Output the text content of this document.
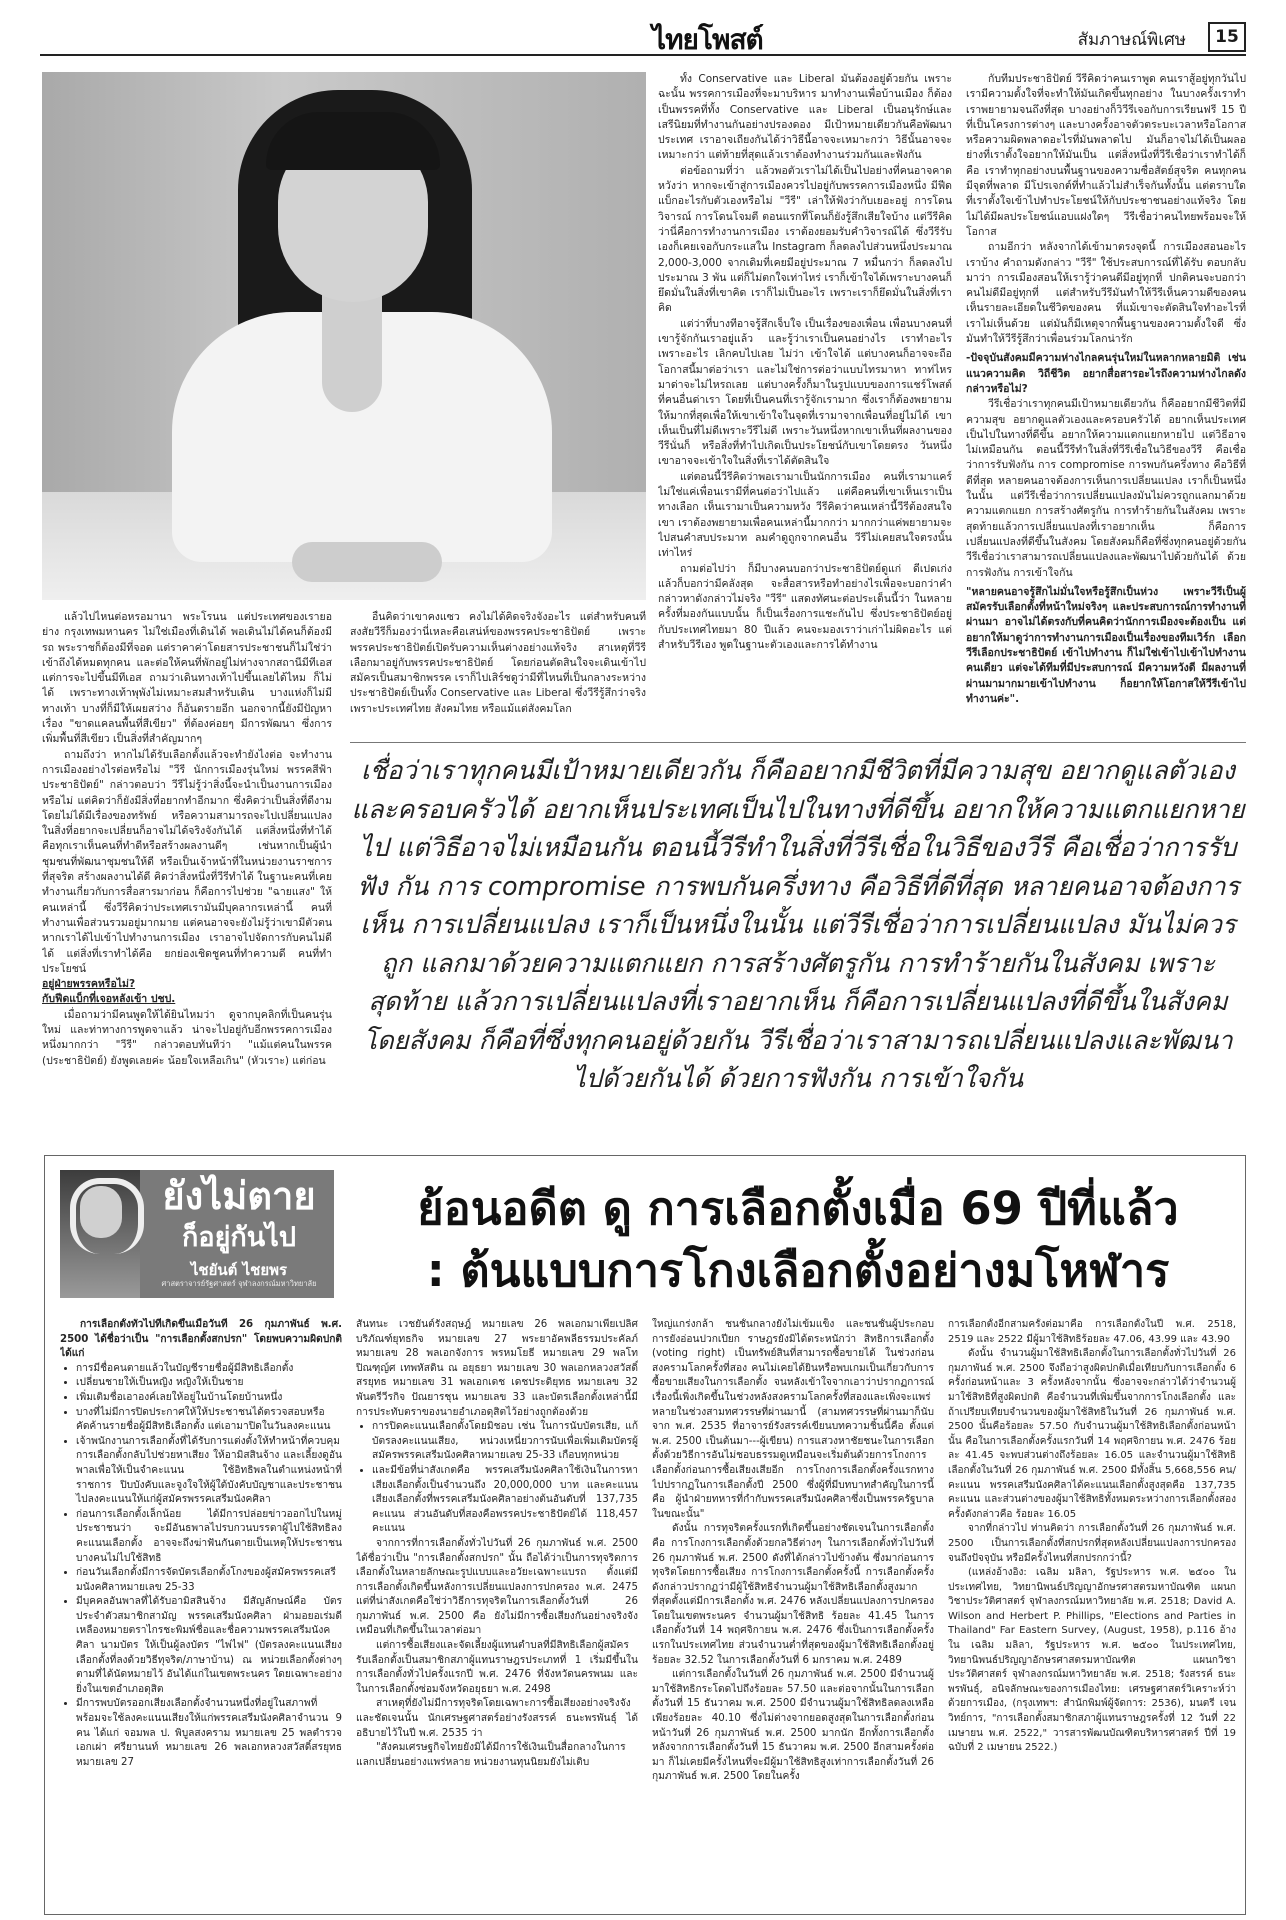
ไทยโพสต์	สัมภาษณ์พิเศษ	15

แล้วไปไหนต่อหรอมานา พระโรนน แต่ประเทศของเรายอย่าง กรุงเทพมหานคร ไม่ใช่เมืองที่เดินได้ พอเดินไม่ได้คนก็ต้องมีรถ พระราชก็ต้องมีที่จอด แต่ราคาค่าโดยสารประชาชนก็ไม่ใช่ว่าเข้าถึงได้หมดทุกคน และต่อให้คนที่พักอยู่ไม่ห่างจากสถานีมีทีเอส แต่การจะไปขึ้นมีทีเอส ถามว่าเดินทางเท้าไปขึ้นเลยได้ไหม ก็ไม่ได้ เพราะทางเท้าพุพังไม่เหมาะสมสำหรับเดิน บางแห่งก็ไม่มีทางเท้า บางที่ก็มีให้เผยสว่าง ก็อันตรายอีก นอกจากนี้ยังมีปัญหาเรื่อง "ขาดแคลนพื้นที่สีเขียว" ที่ต้องค่อยๆ มีการพัฒนา ซึ่งการเพิ่มพื้นที่สีเขียว เป็นสิ่งที่สำคัญมากๆ

ถามถึงว่า หากไม่ได้รับเลือกตั้งแล้วจะทำยังไงต่อ จะทำงานการเมืองอย่างไรต่อหรือไม่ "วีรี นักการเมืองรุ่นใหม่ พรรคสีฟ้าประชาธิปัตย์" กล่าวตอบว่า วีรีไม่รู้ว่าสิ่งนี้จะนำเป็นงานการเมืองหรือไม่ แต่คิดว่าก็ยังมีสิ่งที่อยากทำอีกมาก ซึ่งคิดว่าเป็นสิ่งที่ดีงาม โดยไม่ได้มีเรื่องของทรัพย์ หรือความสามารถจะไปเปลี่ยนแปลงในสิ่งที่อยากจะเปลี่ยนก็อาจไม่ได้จริงจังกันได้ แต่สิ่งหนึ่งที่ทำได้คือทุกเราเห็นคนที่ทำดีหรือสร้างผลงานดีๆ เช่นหากเป็นผู้นำชุมชนที่พัฒนาชุมชนให้ดี หรือเป็นเจ้าหน้าที่ในหน่วยงานราชการที่สุจริต สร้างผลงานได้ดี คิดว่าสิ่งหนึ่งที่วีรีทำได้ ในฐานะคนที่เคยทำงานเกี่ยวกับการสื่อสารมาก่อน ก็คือการไปช่วย "ฉายแสง" ให้คนเหล่านี้ ซึ่งวีรีคิดว่าประเทศเรามันมีบุคลากรเหล่านี้ คนที่ทำงานเพื่อส่วนรวมอยู่มากมาย แต่คนอาจจะยังไม่รู้ว่าเขามีตัวตน หากเราได้ไปเข้าไปทำงานการเมือง เราอาจไปจัดการกับคนไม่ดีได้ แต่สิ่งที่เราทำได้คือ ยกย่องเชิดชูคนที่ทำความดี คนที่ทำประโยชน์

อยู่ฝ่ายพรรคหรือไม่?

กับฟีดแบ็กที่เจอหลังเข้า ปชป.

เมื่อถามว่ามีคนพูดให้ได้ยินไหมว่า ดูจากบุคลิกที่เป็นคนรุ่นใหม่ และท่าทางการพูดจาแล้ว น่าจะไปอยู่กับอีกพรรคการเมืองหนึ่งมากกว่า "วีรี" กล่าวตอบทันทีว่า "แม้แต่คนในพรรค (ประชาธิปัตย์) ยังพูดเลยค่ะ น้อยใจเหลือเกิน" (หัวเราะ) แต่ก่อน

อื่นคิดว่าเขาคงแซว คงไม่ได้คิดจริงจังอะไร แต่สำหรับคนที่สงสัยวีรีก็มองว่านี่เหละคือเสน่ห์ของพรรคประชาธิปัตย์ เพราะพรรคประชาธิปัตย์เปิดรับความเห็นต่างอย่างแท้จริง สาเหตุที่วีรีเลือกมาอยู่กับพรรคประชาธิปัตย์ โดยก่อนตัดสินใจจะเดินเข้าไปสมัครเป็นสมาชิกพรรค เราก็ไปเสิร์ชดูว่ามีที่ไหนที่เป็นกลางระหว่างประชาธิปัตย์เป็นทั้ง Conservative และ Liberal ซึ่งวีรีรู้สึกว่าจริง เพราะประเทศไทย สังคมไทย หรือแม้แต่สังคมโลก

ทั้ง Conservative และ Liberal มันต้องอยู่ด้วยกัน เพราะฉะนั้น พรรคการเมืองที่จะมาบริหาร มาทำงานเพื่อบ้านเมือง ก็ต้องเป็นพรรคที่ทั้ง Conservative และ Liberal เป็นอนุรักษ์และเสรีนิยมที่ทำงานกันอย่างปรองดอง มีเป้าหมายเดียวกันคือพัฒนาประเทศ เราอาจเถียงกันได้ว่าวิธีนี้อาจจะเหมาะกว่า วิธีนั้นอาจจะเหมาะกว่า แต่ท้ายที่สุดแล้วเราต้องทำงานร่วมกันและฟังกัน

ต่อข้อถามที่ว่า แล้วพอตัวเราไม่ได้เป็นไปอย่างที่คนอาจคาดหวังว่า หากจะเข้าสู่การเมืองควรไปอยู่กับพรรคการเมืองหนึ่ง มีฟีดแบ็กอะไรกับตัวเองหรือไม่ "วีรี" เล่าให้ฟังว่ากับเยอะอยู่ การโดนวิจารณ์ การโดนโจมตี ตอนแรกที่โดนก็ยังรู้สึกเสียใจบ้าง แต่วีรีคิดว่านี่คือการทำงานการเมือง เราต้องยอมรับคำวิจารณ์ได้ ซึ่งวีรีรับเองก็เคยเจอกับกระแสใน Instagram ก็ลดลงไปส่วนหนึ่งประมาณ 2,000-3,000 จากเดิมที่เคยมีอยู่ประมาณ 7 หมื่นกว่า ก็ลดลงไปประมาณ 3 พัน แต่ก็ไม่ตกใจเท่าไหร่ เราก็เข้าใจได้เพราะบางคนก็ยึดมั่นในสิ่งที่เขาคิด เราก็ไม่เป็นอะไร เพราะเราก็ยึดมั่นในสิ่งที่เราคิด

แต่ว่าที่บางทีอาจรู้สึกเจ็บใจ เป็นเรื่องของเพื่อน เพื่อนบางคนที่เขารู้จักกันเราอยู่แล้ว และรู้ว่าเราเป็นคนอย่างไร เราทำอะไร เพราะอะไร เลิกคบไปเลย ไม่ว่า เข้าใจได้ แต่บางคนก็อาจจะถือโอกาสนี้มาต่อว่าเรา และไม่ใช่การต่อว่าแบบไทรมาหา ทาท่ไหร มาด่าจะไม่ไหรถเลย แต่บางครั้งก็มาในรูปแบบของการแชร์โพสต์ ที่คนอื่นด่าเรา โดยที่เป็นคนที่เรารู้จักเรามาก ซึ่งเราก็ต้องพยายามให้มากที่สุดเพื่อให้เขาเข้าใจในจุดที่เรามาจากเพื่อนที่อยู่ไม่ได้ เขาเห็นเป็นที่ไม่ดีเพราะวีรีไม่ดี เพราะวันหนึ่งหากเขาเห็นที่ผลงานของวีรีนั่นก็ หรือสิ่งที่ทำไปเกิดเป็นประโยชน์กับเขาโดยตรง วันหนึ่งเขาอาจจะเข้าใจในสิ่งที่เราได้ตัดสินใจ

แต่ตอนนี้วีรีคิดว่าพอเรามาเป็นนักการเมือง คนที่เรามาแคร์ไม่ใช่แค่เพื่อนเรามีที่คนต่อว่าไปแล้ว แต่คือคนที่เขาเห็นเราเป็นทางเลือก เห็นเรามาเป็นความหวัง วีรีคิดว่าคนเหล่านี้วีรีต้องสนใจเขา เราต้องพยายามเพื่อคนเหล่านี้มากกว่า มากกว่าแค่พยายามจะไปสนคำสบประมาท ลมคำดูถูกจากคนอื่น วีรีไม่เคยสนใจตรงนั้นเท่าไหร่

ถามต่อไปว่า ก็มีบางคนบอกว่าประชาธิปัตย์ดูแก่ ดีเปดเก่ง แล้วก็บอกว่ามีคลังสุด จะสื่อสารหรือทำอย่างไรเพื่อจะบอกว่าคำกล่าวหาดังกล่าวไม่จริง "วีรี" แสดงทัศนะต่อประเด็นนี้ว่า ในหลายครั้งที่มองกันแบบนั้น ก็เป็นเรื่องการแชะกันไป ซึ่งประชาธิปัตย์อยู่กับประเทศไทยมา 80 ปีแล้ว คนจะมองเราว่าเก่าไม่ผิดอะไร แต่สำหรับวีรีเอง พูดในฐานะตัวเองและการได้ทำงาน

กับทีมประชาธิปัตย์ วีรีคิดว่าคนเราพูด คนเราสู้อยู่ทุกวันไป เรามีความตั้งใจที่จะทำให้มันเกิดขึ้นทุกอย่าง ในบางครั้งเราทำ เราพยายามจนถึงที่สุด บางอย่างก็วิวีรีเจอกับการเรียนฟรี 15 ปี ที่เป็นโครงการต่างๆ และบางครั้งอาจตัวตระบะเวลาหรือโอกาส หรือความผิดพลาดอะไรที่มันพลาดไป มันก็อาจไม่ได้เป็นผลอย่างที่เราตั้งใจอยากให้มันเป็น แต่สิ่งหนึ่งที่วีรีเชื่อว่าเราทำได้ก็คือ เราทำทุกอย่างบนพื้นฐานของความซื่อสัตย์สุจริต คนทุกคนมีจุดที่พลาด มีโปรเจกต์ที่ทำแล้วไม่สำเร็จกันทั้งนั้น แต่ตราบใดที่เราตั้งใจเข้าไปทำประโยชน์ให้กับประชาชนอย่างแท้จริง โดยไม่ได้มีผลประโยชน์แอบแฝงใดๆ วีรีเชื่อว่าคนไทยพร้อมจะให้โอกาส

ถามอีกว่า หลังจากได้เข้ามาตรงจุดนี้ การเมืองสอนอะไรเราบ้าง คำถามดังกล่าว "วีรี" ใช้ประสบการณ์ที่ได้รับ ตอบกลับมาว่า การเมืองสอนให้เรารู้ว่าคนดีมีอยู่ทุกที่ ปกติคนจะบอกว่าคนไม่ดีมีอยู่ทุกที่ แต่สำหรับวีรีมันทำให้วีรีเห็นความดีของคน เห็นรายละเอียดในชีวิตของคน ที่แม้เขาจะตัดสินใจทำอะไรที่เราไม่เห็นด้วย แต่มันก็มีเหตุจากพื้นฐานของความตั้งใจดี ซึ่งมันทำให้วีรีรู้สึกว่าเพื่อนร่วมโลกน่ารัก

-ปัจจุบันสังคมมีความห่างไกลคนรุ่นใหม่ในหลากหลายมิติ เช่น แนวความคิด วิถีชีวิต อยากสื่อสารอะไรถึงความห่างไกลดังกล่าวหรือไม่?

วีรีเชื่อว่าเราทุกคนมีเป้าหมายเดียวกัน ก็คืออยากมีชีวิตที่มีความสุข อยากดูแลตัวเองและครอบครัวได้ อยากเห็นประเทศเป็นไปในทางที่ดีขึ้น อยากให้ความแตกแยกหายไป แต่วิธีอาจไม่เหมือนกัน ตอนนี้วีรีทำในสิ่งที่วีรีเชื่อในวิธีของวีรี คือเชื่อว่าการรับฟังกัน การ compromise การพบกันครึ่งทาง คือวิธีที่ดีที่สุด หลายคนอาจต้องการเห็นการเปลี่ยนแปลง เราก็เป็นหนึ่งในนั้น แต่วีรีเชื่อว่าการเปลี่ยนแปลงมันไม่ควรถูกแลกมาด้วยความแตกแยก การสร้างศัตรูกัน การทำร้ายกันในสังคม เพราะสุดท้ายแล้วการเปลี่ยนแปลงที่เราอยากเห็น ก็คือการเปลี่ยนแปลงที่ดีขึ้นในสังคม โดยสังคมก็คือที่ซึ่งทุกคนอยู่ด้วยกัน วีรีเชื่อว่าเราสามารถเปลี่ยนแปลงและพัฒนาไปด้วยกันได้ ด้วยการฟังกัน การเข้าใจกัน

"หลายคนอาจรู้สึกไม่มั่นใจหรือรู้สึกเป็นห่วง เพราะวีรีเป็นผู้สมัครรับเลือกตั้งที่หน้าใหม่จริงๆ และประสบการณ์การทำงานที่ผ่านมา อาจไม่ได้ตรงกับที่คนคิดว่านักการเมืองจะต้องเป็น แต่อยากให้มาดูว่าการทำงานการเมืองเป็นเรื่องของทีมเวิร์ก เลือกวีรีเลือกประชาธิปัตย์ เข้าไปทำงาน ก็ไม่ใช่เข้าไปเข้าไปทำงานคนเดียว แต่จะได้ทีมที่มีประสบการณ์ มีความหวังดี มีผลงานที่ผ่านมามากมายเข้าไปทำงาน ก็อยากให้โอกาสให้วีรีเข้าไปทำงานค่ะ".

เชื่อว่าเราทุกคนมีเป้าหมายเดียวกัน ก็คืออยากมีชีวิตที่มีความสุข อยากดูแลตัวเอง และครอบครัวได้ อยากเห็นประเทศเป็นไปในทางที่ดีขึ้น อยากให้ความแตกแยกหาย ไป แต่วิธีอาจไม่เหมือนกัน ตอนนี้วีรีทำในสิ่งที่วีรีเชื่อในวิธีของวีรี คือเชื่อว่าการรับฟัง กัน การ compromise การพบกันครึ่งทาง คือวิธีที่ดีที่สุด หลายคนอาจต้องการเห็น การเปลี่ยนแปลง เราก็เป็นหนึ่งในนั้น แต่วีรีเชื่อว่าการเปลี่ยนแปลง มันไม่ควรถูก แลกมาด้วยความแตกแยก การสร้างศัตรูกัน การทำร้ายกันในสังคม เพราะสุดท้าย แล้วการเปลี่ยนแปลงที่เราอยากเห็น ก็คือการเปลี่ยนแปลงที่ดีขึ้นในสังคม โดยสังคม ก็คือที่ซึ่งทุกคนอยู่ด้วยกัน วีรีเชื่อว่าเราสามารถเปลี่ยนแปลงและพัฒนาไปด้วยกันได้ ด้วยการฟังกัน การเข้าใจกัน
ยังไม่ตาย
ก็อยู่กันไป
ไชยันต์ ไชยพร
ศาสตราจารย์รัฐศาสตร์ จุฬาลงกรณ์มหาวิทยาลัย
ย้อนอดีต ดู การเลือกตั้งเมื่อ 69 ปีที่แล้ว
: ต้นแบบการโกงเลือกตั้งอย่างมโหฬาร

การเลือกตั้งทั่วไปที่เกิดขึ้นเมื่อวันที่ 26 กุมภาพันธ์ พ.ศ. 2500 ได้ชื่อว่าเป็น "การเลือกตั้งสกปรก" โดยพบความผิดปกติ ได้แก่

• การมีชื่อคนตายแล้วในบัญชีรายชื่อผู้มีสิทธิเลือกตั้ง
• เปลี่ยนชายให้เป็นหญิง หญิงให้เป็นชาย
• เพิ่มเติมชื่อเอาองค์เลยให้อยู่ในบ้านโดยบ้านหนึ่ง
• บางที่ไม่มีการปิดประกาศให้ให้ประชาชนได้ตรวจสอบหรือคัดค้านรายชื่อผู้มีสิทธิเลือกตั้ง แต่เอามาปิดในวันลงคะแนน
• เจ้าพนักงานการเลือกตั้งที่ได้รับการแต่งตั้งให้ทำหน้าที่ควบคุมการเลือกตั้งกลับไปช่วยหาเสียง ให้อามิสสินจ้าง และเลี้ยงดูอันพาลเพื่อให้เป็นจำคะแนน ใช้อิทธิพลในตำแหน่งหน้าที่ราชการ ปิบบังคับและจูงใจให้ผู้ใต้บังคับบัญชาและประชาชนไปลงคะแนนให้แก่ผู้สมัครพรรคเสรีมนังคศิลา
• ก่อนการเลือกตั้งเล็กน้อย ได้มีการปล่อยข่าวออกไปในหมู่ประชาชนว่า จะมีอันธพาลไปรบกวนบรรดาผู้ไปใช้สิทธิลงคะแนนเลือกตั้ง อาจจะถึงฆ่าฟันกันตายเป็นเหตุให้ประชาชนบางคนไม่ไปใช้สิทธิ
• ก่อนวันเลือกตั้งมีการจัดบัตรเลือกตั้งโกงของผู้สมัครพรรคเสรีมนังคศิลาหมายเลข 25-33
• มีบุคคลอันพาลที่ได้รับอามิสสินจ้าง มีสัญลักษณ์คือ บัตรประจำตัวสมาชิกสามัญ พรรคเสรีมนังคศิลา ฝ่ามอยอเร่มดีเหลืองหมายตราไกรชะพิมพ์ชื่อและชื่อความพรรคเสรีมนังคศิลา นามบัตร ให้เป็นผู้ลงบัตร "ไพ่ไฟ" (บัตรลงคะแนนเสียงเลือกตั้งที่ลงด้วยวิธีทุจริต/ภาษาบ้าน) ณ หน่วยเลือกตั้งต่างๆ ตามที่ได้นัดหมายไว้ อันได้แก่ในเขตพระนคร ใดยเฉพาะอย่างยิ่งในเขตอำเภอดุสิต
• มีการพบบัตรออกเสียงเลือกตั้งจำนวนหนึ่งที่อยู่ในสภาพที่พร้อมจะใช้ลงคะแนนเสียงให้แก่พรรคเสรีมนังคศิลาจำนวน 9 คน ได้แก่ จอมพล ป. พิบูลสงคราม หมายเลข 25 พลตำรวจเอกเผ่า ศรียานนท์ หมายเลข 26 พลเอกหลวงสวัสดิ์สรยุทธ หมายเลข 27

สันทนะ เวชยันต์รังสฤษฎ์ หมายเลข 26 พลเอกมาเพียเปลิศ บริภัณฑ์ยุทธกิจ หมายเลข 27 พระยาอัคพลีธรรมประคัลภ์ หมายเลข 28 พลเอกจังการ พรหมโยธี หมายเลข 29 พลโทปิณฑุญ์ศ เทพหัสดิน ณ อยุธยา หมายเลข 30 พลเอกหลวงสวัสดิ์สรยุทธ หมายเลข 31 พลเอกเดช เดชประดิยุทธ หมายเลข 32 พันตรีวีรกิจ ปัณยารชุน หมายเลข 33 และบัตรเลือกตั้งเหล่านี้มีการประทับตราของนายอำเภอดุสิตไว้อย่างถูกต้องด้วย

• การปิดคะแนนเลือกตั้งโดยมิชอบ เช่น ในการนับบัตรเสีย, แก้บัตรลงคะแนนเสียง, หน่วงเหนี่ยวการนับเพื่อเพิ่มเติมบัตรผู้สมัครพรรคเสรีมนังคศิลาหมายเลข 25-33 เกือบทุกหน่วย
• และมีข้อที่น่าสังเกตคือ พรรคเสรีมนังคศิลาใช้เงินในการหาเสียงเลือกตั้งเป็นจำนวนถึง 20,000,000 บาท และคะแนนเสียงเลือกตั้งที่พรรคเสรีมนังคศิลาอย่างต้นอันดับที่ 137,735 คะแนน ส่วนอันดับที่สองคือพรรคประชาธิปัตย์ได้ 118,457 คะแนน

จากการที่การเลือกตั้งทั่วไปวันที่ 26 กุมภาพันธ์ พ.ศ. 2500 ได้ชื่อว่าเป็น "การเลือกตั้งสกปรก" นั้น ถือได้ว่าเป็นการทุจริตการเลือกตั้งในหลายลักษณะรูปแบบและอวัยะเฉพาะแบรถ ตั้งแต่มีการเลือกตั้งเกิดขึ้นหลังการเปลี่ยนแปลงการปกครอง พ.ศ. 2475 แต่ที่น่าสังเกตคือใช่ว่าวิธีการทุจริตในการเลือกตั้งวันที่ 26 กุมภาพันธ์ พ.ศ. 2500 คือ ยังไม่มีการซื้อเสียงกันอย่างจริงจัง เหมือนที่เกิดขึ้นในเวลาต่อมา

แต่การซื้อเสียงและจัดเลี้ยงผู้แทนตำบลที่มีสิทธิเลือกผู้สมัครรับเลือกตั้งเป็นสมาชิกสภาผู้แทนราษฎรประเภทที่ 1 เริ่มมีขึ้นในการเลือกตั้งทั่วไปครั้งแรกปี พ.ศ. 2476 ที่จังหวัดนครพนม และในการเลือกตั้งซ่อมจังหวัดอยุธยา พ.ศ. 2498

สาเหตุที่ยังไม่มีการทุจริตโดยเฉพาะการซื้อเสียงอย่างจริงจังและชัดเจนนั้น นักเศรษฐศาสตร์อย่างรังสรรค์ ธนะพรพันธุ์ ได้อธิบายไว้ในปี พ.ศ. 2535 ว่า

"สังคมเศรษฐกิจไทยยังมิได้มีการใช้เงินเป็นสื่อกลางในการแลกเปลี่ยนอย่างแพร่หลาย หน่วยงานทุนนิยมยังไม่เติบ

ใหญ่แกร่งกล้า ชนชั้นกลางยังไม่เข้มแข็ง และชนชั้นผู้ประกอบการยังอ่อนปวกเปียก ราษฎรยังมิได้ตระหนักว่า สิทธิการเลือกตั้ง (voting right) เป็นทรัพย์สินที่สามารถซื้อขายได้ ในช่วงก่อนสงครามโลกครั้งที่สอง คนไม่เคยได้ยินหรือพบเกมเป็นเกี่ยวกับการซื้อขายเสียงในการเลือกตั้ง จนหลังเข้าใจจากเอาว่าปรากฏการณ์เรื่องนี้เพิ่งเกิดขึ้นในช่วงหลังสงครามโลกครั้งที่สองและเพิ่งจะแพร่หลายในช่วงสามทศวรรษที่ผ่านมานี้ (สามทศวรรษที่ผ่านมาก็นับจาก พ.ศ. 2535 ที่อาจารย์รังสรรค์เขียนบทความชิ้นนี้คือ ตั้งแต่ พ.ศ. 2500 เป็นต้นมา---ผู้เขียน) การแสวงหาชัยชนะในการเลือกตั้งด้วยวิธีการอันไม่ชอบธรรมดูเหมือนจะเริ่มต้นด้วยการโกงการเลือกตั้งก่อนการซื้อเสียงเสียอีก การโกงการเลือกตั้งครั้งแรกทางไปปรากฏในการเลือกตั้งปี 2500 ซึ่งผู้ที่มีบทบาทสำคัญในการนี้คือ ผู้นำฝ่ายทหารที่กำกับพรรคเสรีมนังคศิลาซึ่งเป็นพรรครัฐบาลในขณะนั้น"

ดังนั้น การทุจริตครั้งแรกที่เกิดขึ้นอย่างชัดเจนในการเลือกตั้งคือ การโกงการเลือกตั้งด้วยกลวิธีต่างๆ ในการเลือกตั้งทั่วไปวันที่ 26 กุมภาพันธ์ พ.ศ. 2500 ดังที่ได้กล่าวไปข้างต้น ซึ่งมาก่อนการทุจริตโดยการซื้อเสียง การโกงการเลือกตั้งครั้งนี้ การเลือกตั้งครั้งดังกล่าวปรากฏว่ามีผู้ใช้สิทธิจำนวนผู้มาใช้สิทธิเลือกตั้งสูงมากที่สุดตั้งแต่มีการเลือกตั้ง พ.ศ. 2476 หลังเปลี่ยนแปลงการปกครอง โดยในเขตพระนคร จำนวนผู้มาใช้สิทธิ ร้อยละ 41.45 ในการเลือกตั้งวันที่ 14 พฤศจิกายน พ.ศ. 2476 ซึ่งเป็นการเลือกตั้งครั้งแรกในประเทศไทย ส่วนจำนวนต่ำที่สุดของผู้มาใช้สิทธิเลือกตั้งอยู่ร้อยละ 32.52 ในการเลือกตั้งวันที่ 6 มกราคม พ.ศ. 2489

แต่การเลือกตั้งในวันที่ 26 กุมภาพันธ์ พ.ศ. 2500 มีจำนวนผู้มาใช้สิทธิกระโดดไปถึงร้อยละ 57.50 และต่อจากนั้นในการเลือกตั้งวันที่ 15 ธันวาคม พ.ศ. 2500 มีจำนวนผู้มาใช้สิทธิลดลงเหลือเพียงร้อยละ 40.10 ซึ่งไม่ต่างจากยอดสูงสุดในการเลือกตั้งก่อนหน้าวันที่ 26 กุมภาพันธ์ พ.ศ. 2500 มากนัก อีกทั้งการเลือกตั้งหลังจากการเลือกตั้งวันที่ 15 ธันวาคม พ.ศ. 2500 อีกสามครั้งต่อมา ก็ไม่เคยมีครั้งไหนที่จะมีผู้มาใช้สิทธิสูงเท่าการเลือกตั้งวันที่ 26 กุมภาพันธ์ พ.ศ. 2500 โดยในครั้ง

การเลือกตั้งอีกสามครั้งต่อมาคือ การเลือกตั้งในปี พ.ศ. 2518, 2519 และ 2522 มีผู้มาใช้สิทธิร้อยละ 47.06, 43.99 และ 43.90

ดังนั้น จำนวนผู้มาใช้สิทธิเลือกตั้งในการเลือกตั้งทั่วไปวันที่ 26 กุมภาพันธ์ พ.ศ. 2500 จึงถือว่าสูงผิดปกติเมื่อเทียบกับการเลือกตั้ง 6 ครั้งก่อนหน้าและ 3 ครั้งหลังจากนั้น ซึ่งอาจจะกล่าวได้ว่าจำนวนผู้มาใช้สิทธิที่สูงผิดปกติ คือจำนวนที่เพิ่มขึ้นจากการโกงเลือกตั้ง และถ้าเปรียบเทียบจำนวนของผู้มาใช้สิทธิในวันที่ 26 กุมภาพันธ์ พ.ศ. 2500 นั้นคือร้อยละ 57.50 กับจำนวนผู้มาใช้สิทธิเลือกตั้งก่อนหน้านั้น คือในการเลือกตั้งครั้งแรกวันที่ 14 พฤศจิกายน พ.ศ. 2476 ร้อยละ 41.45 จะพบส่วนต่างถึงร้อยละ 16.05 และจำนวนผู้มาใช้สิทธิเลือกตั้งในวันที่ 26 กุมภาพันธ์ พ.ศ. 2500 มีทั้งสิ้น 5,668,556 คน/คะแนน พรรคเสรีมนังคศิลาได้คะแนนเลือกตั้งสูงสุดคือ 137,735 คะแนน และส่วนต่างของผู้มาใช้สิทธิทั้งหมดระหว่างการเลือกตั้งสองครั้งดังกล่าวคือ ร้อยละ 16.05

จากที่กล่าวไป ท่านคิดว่า การเลือกตั้งวันที่ 26 กุมภาพันธ์ พ.ศ. 2500 เป็นการเลือกตั้งที่สกปรกที่สุดหลังเปลี่ยนแปลงการปกครองจนถึงปัจจุบัน หรือมีครั้งไหนที่สกปรกกว่านี้?

(แหล่งอ้างอิง: เฉลิม มลิลา, รัฐประหาร พ.ศ. ๒๕๐๐ ในประเทศไทย, วิทยานิพนธ์ปริญญาอักษรศาสตรมหาบัณฑิต แผนกวิชาประวัติศาสตร์ จุฬาลงกรณ์มหาวิทยาลัย พ.ศ. 2518; David A. Wilson and Herbert P. Phillips, "Elections and Parties in Thailand" Far Eastern Survey, (August, 1958), p.116 อ้างใน เฉลิม มลิลา, รัฐประหาร พ.ศ. ๒๕๐๐ ในประเทศไทย, วิทยานิพนธ์ปริญญาอักษรศาสตรมหาบัณฑิต แผนกวิชาประวัติศาสตร์ จุฬาลงกรณ์มหาวิทยาลัย พ.ศ. 2518; รังสรรค์ ธนะพรพันธุ์, อนิจลักษณะของการเมืองไทย: เศรษฐศาสตร์วิเคราะห์ว่าด้วยการเมือง, (กรุงเทพฯ: สำนักพิมพ์ผู้จัดการ: 2536), มนตรี เจนวิทย์การ, "การเลือกตั้งสมาชิกสภาผู้แทนราษฎรครั้งที่ 12 วันที่ 22 เมษายน พ.ศ. 2522," วารสารพัฒนบัณฑิตบริหารศาสตร์ ปีที่ 19 ฉบับที่ 2 เมษายน 2522.)
